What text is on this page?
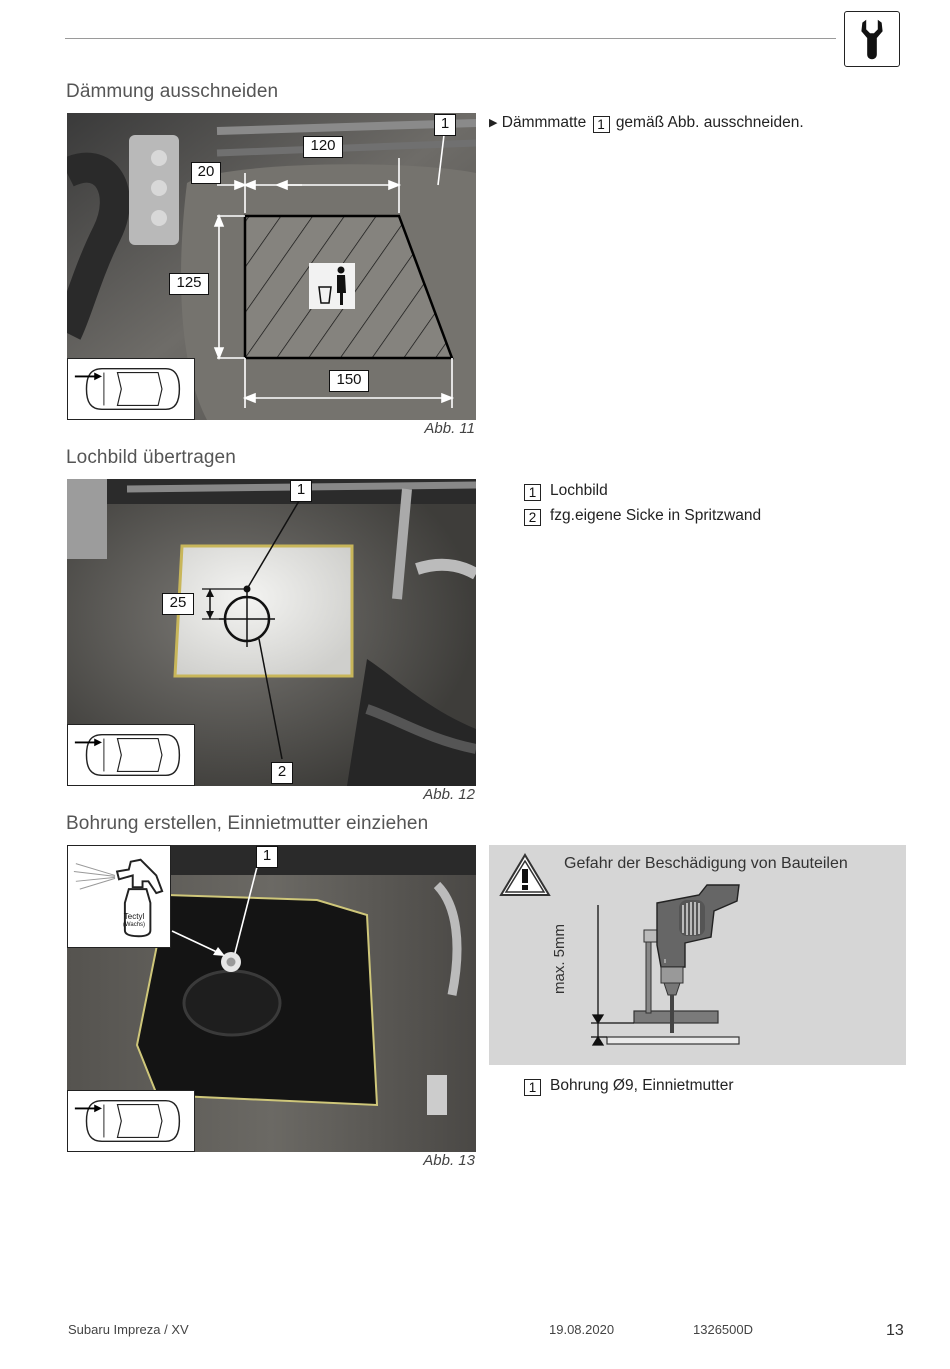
Dämmung ausschneiden
1
120
20
125
150
Abb. 11
▶ Dämmmatte 1 gemäß Abb. ausschneiden.
Lochbild übertragen
1
25
2
Abb. 12
1 Lochbild
2 fzg.eigene Sicke in Spritzwand
Bohrung erstellen, Einnietmutter einziehen
1
Tectyl
(Wachs)
Abb. 13
Gefahr der Beschädigung von Bauteilen
max. 5mm
1 Bohrung Ø9, Einnietmutter
Subaru Impreza / XV	19.08.2020	1326500D	13
